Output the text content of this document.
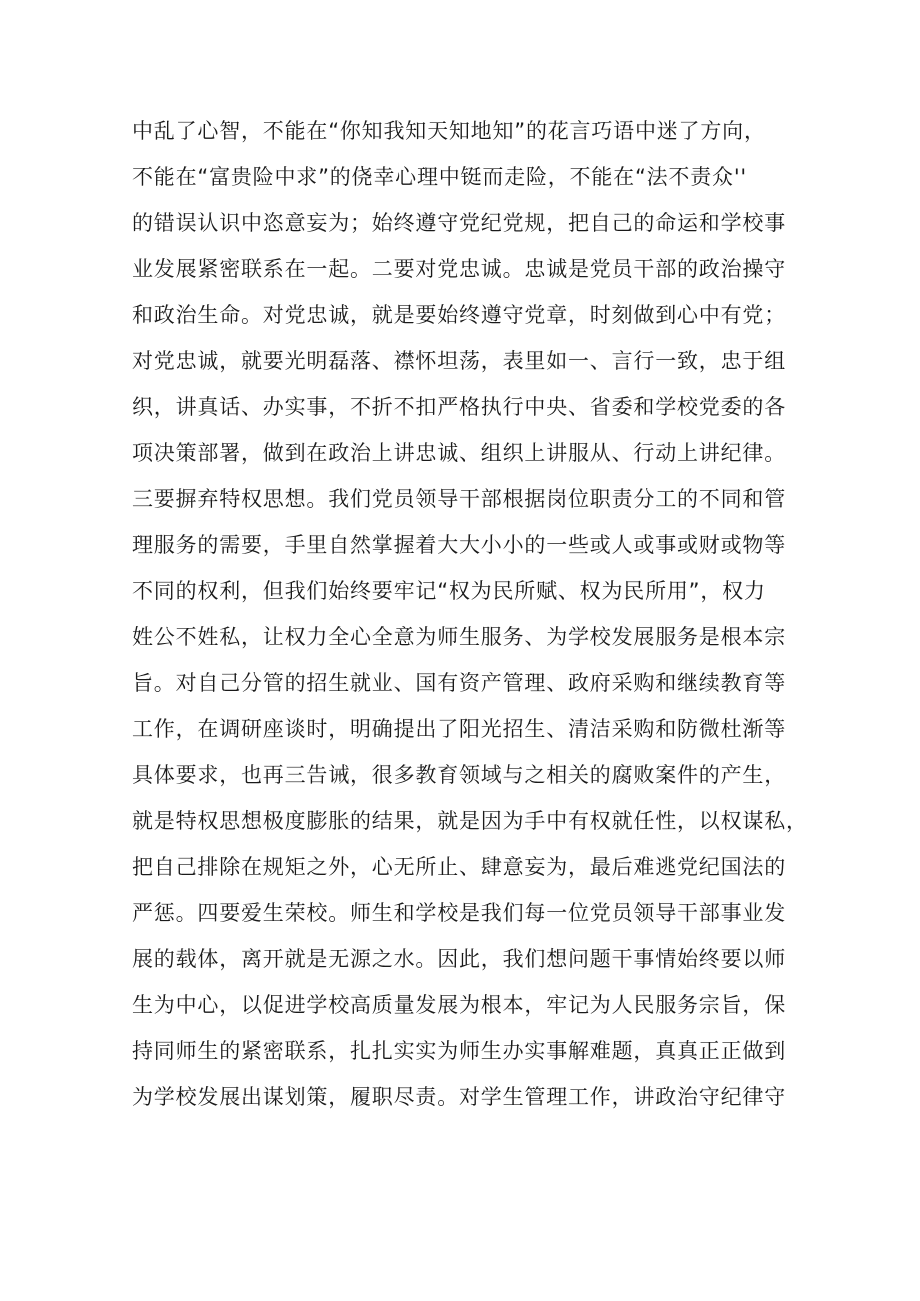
中乱了心智，不能在“你知我知天知地知”的花言巧语中迷了方向，
不能在“富贵险中求”的侥幸心理中铤而走险，不能在“法不责众''
的错误认识中恣意妄为；始终遵守党纪党规，把自己的命运和学校事
业发展紧密联系在一起。二要对党忠诚。忠诚是党员干部的政治操守
和政治生命。对党忠诚，就是要始终遵守党章，时刻做到心中有党；
对党忠诚，就要光明磊落、襟怀坦荡，表里如一、言行一致，忠于组
织，讲真话、办实事，不折不扣严格执行中央、省委和学校党委的各
项决策部署，做到在政治上讲忠诚、组织上讲服从、行动上讲纪律。
三要摒弃特权思想。我们党员领导干部根据岗位职责分工的不同和管
理服务的需要，手里自然掌握着大大小小的一些或人或事或财或物等
不同的权利，但我们始终要牢记“权为民所赋、权为民所用”，权力
姓公不姓私，让权力全心全意为师生服务、为学校发展服务是根本宗
旨。对自己分管的招生就业、国有资产管理、政府采购和继续教育等
工作，在调研座谈时，明确提出了阳光招生、清洁采购和防微杜渐等
具体要求，也再三告诫，很多教育领域与之相关的腐败案件的产生，
就是特权思想极度膨胀的结果，就是因为手中有权就任性，以权谋私，
把自己排除在规矩之外，心无所止、肆意妄为，最后难逃党纪国法的
严惩。四要爱生荣校。师生和学校是我们每一位党员领导干部事业发
展的载体，离开就是无源之水。因此，我们想问题干事情始终要以师
生为中心，以促进学校高质量发展为根本，牢记为人民服务宗旨，保
持同师生的紧密联系，扎扎实实为师生办实事解难题，真真正正做到
为学校发展出谋划策，履职尽责。对学生管理工作，讲政治守纪律守
